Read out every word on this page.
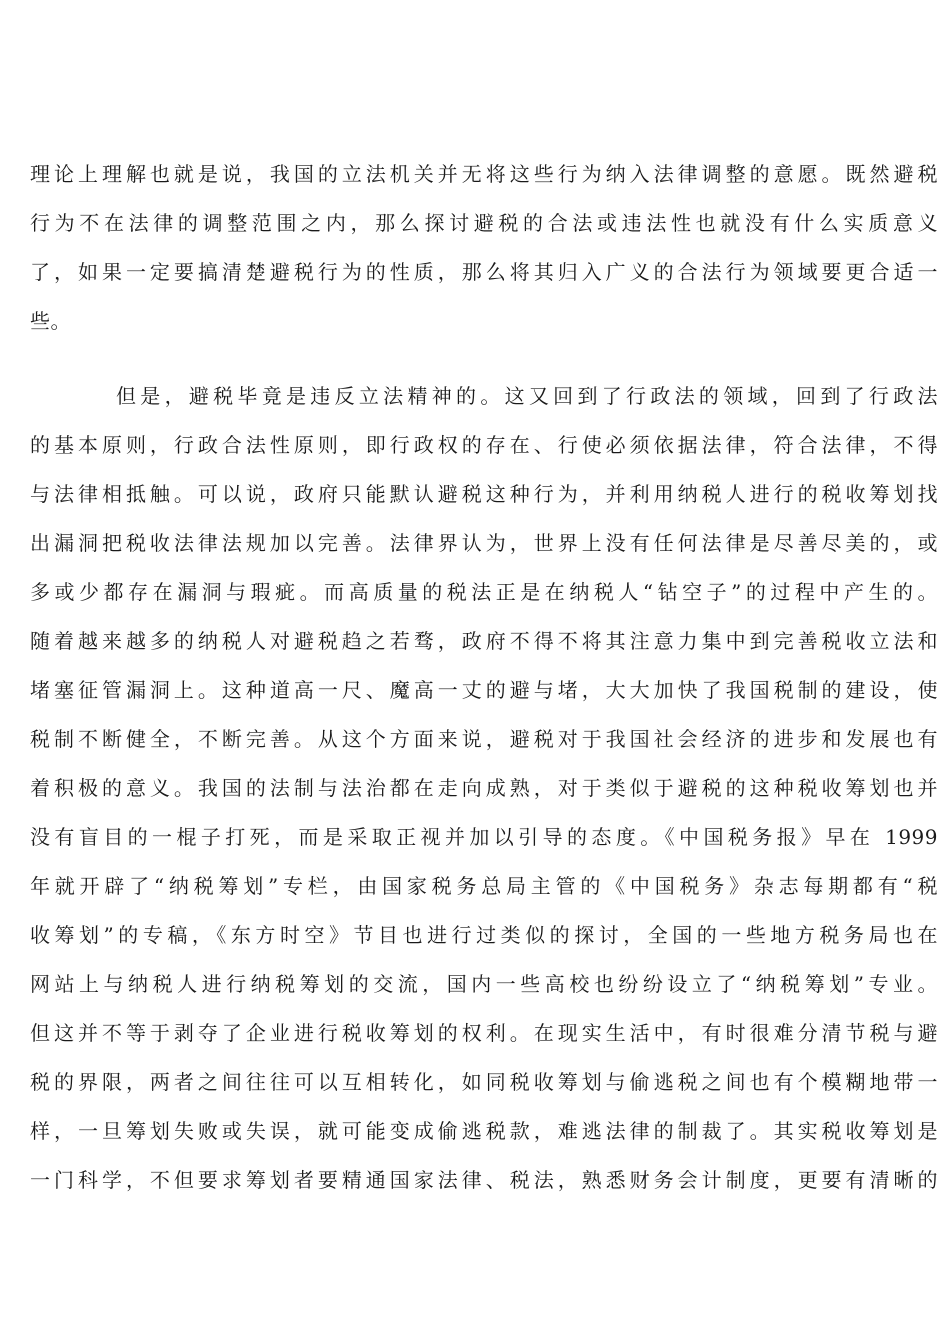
理论上理解也就是说，我国的立法机关并无将这些行为纳入法律调整的意愿。既然避税
行为不在法律的调整范围之内，那么探讨避税的合法或违法性也就没有什么实质意义
了，如果一定要搞清楚避税行为的性质，那么将其归入广义的合法行为领域要更合适一
些。
但是，避税毕竟是违反立法精神的。这又回到了行政法的领域，回到了行政法
的基本原则，行政合法性原则，即行政权的存在、行使必须依据法律，符合法律，不得
与法律相抵触。可以说，政府只能默认避税这种行为，并利用纳税人进行的税收筹划找
出漏洞把税收法律法规加以完善。法律界认为，世界上没有任何法律是尽善尽美的，或
多或少都存在漏洞与瑕疵。而高质量的税法正是在纳税人“钻空子”的过程中产生的。
随着越来越多的纳税人对避税趋之若骛，政府不得不将其注意力集中到完善税收立法和
堵塞征管漏洞上。这种道高一尺、魔高一丈的避与堵，大大加快了我国税制的建设，使
税制不断健全，不断完善。从这个方面来说，避税对于我国社会经济的进步和发展也有
着积极的意义。我国的法制与法治都在走向成熟，对于类似于避税的这种税收筹划也并
没有盲目的一棍子打死，而是采取正视并加以引导的态度。《中国税务报》早在 1999
年就开辟了“纳税筹划”专栏，由国家税务总局主管的《中国税务》杂志每期都有“税
收筹划”的专稿，《东方时空》节目也进行过类似的探讨，全国的一些地方税务局也在
网站上与纳税人进行纳税筹划的交流，国内一些高校也纷纷设立了“纳税筹划”专业。
但这并不等于剥夺了企业进行税收筹划的权利。在现实生活中，有时很难分清节税与避
税的界限，两者之间往往可以互相转化，如同税收筹划与偷逃税之间也有个模糊地带一
样，一旦筹划失败或失误，就可能变成偷逃税款，难逃法律的制裁了。其实税收筹划是
一门科学，不但要求筹划者要精通国家法律、税法，熟悉财务会计制度，更要有清晰的
